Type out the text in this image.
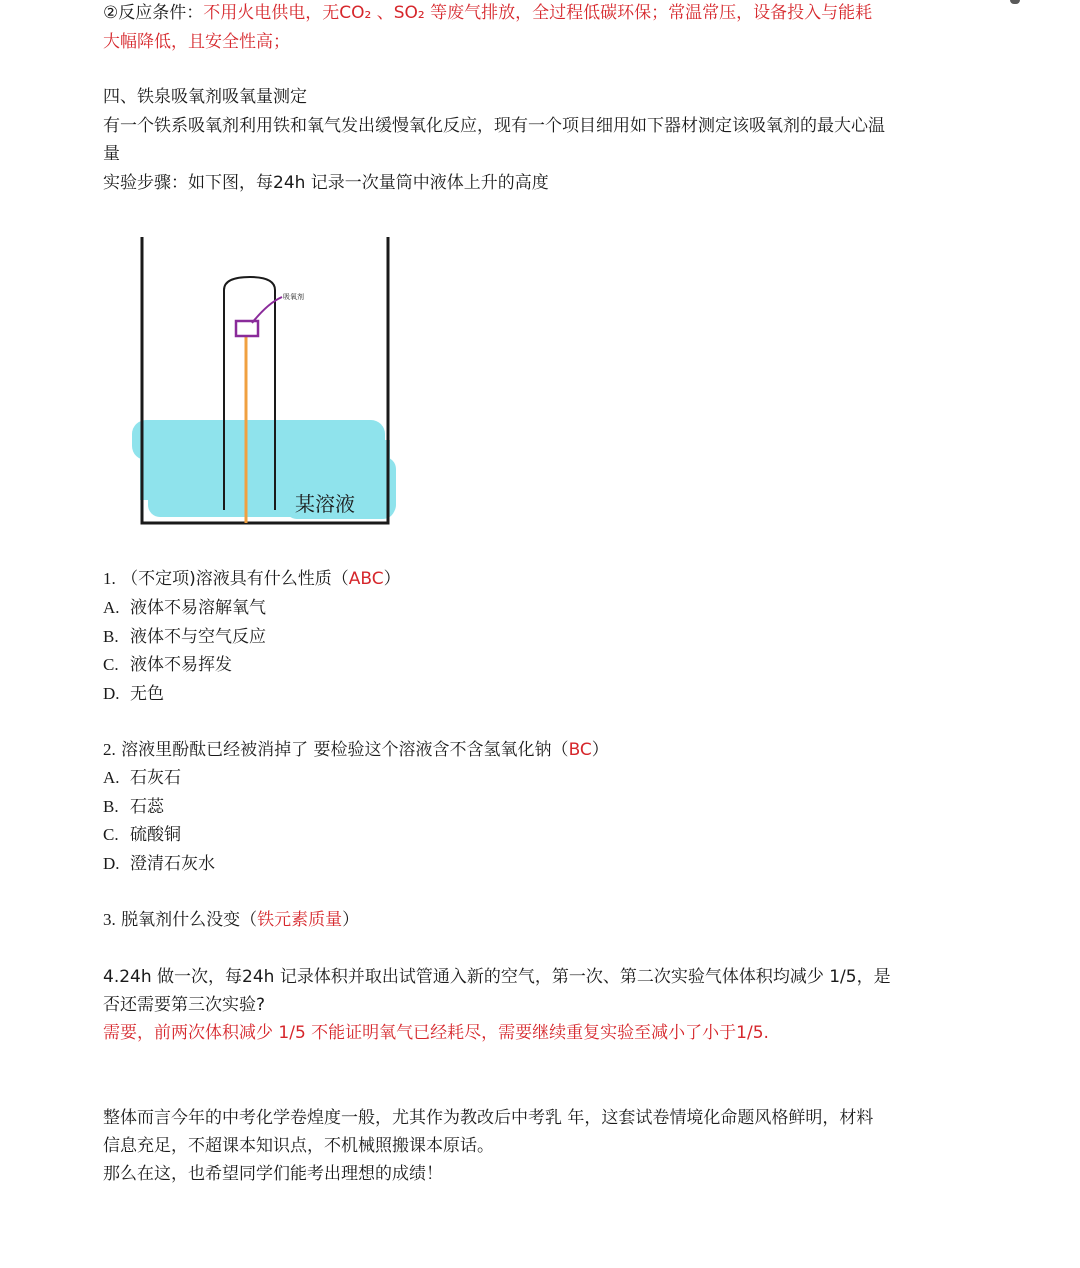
②反应条件：不用火电供电，无CO₂ 、SO₂ 等废气排放，全过程低碳环保；常温常压，设备投入与能耗
大幅降低，且安全性高；
四、铁泉吸氧剂吸氧量测定
有一个铁系吸氧剂利用铁和氧气发出缓慢氧化反应，现有一个项目细用如下器材测定该吸氧剂的最大心温
量
实验步骤：如下图，每24h 记录一次量筒中液体上升的高度
吸氧剂
某溶液
1. （不定项)溶液具有什么性质（ABC）
A. 液体不易溶解氧气
B. 液体不与空气反应
C. 液体不易挥发
D. 无色
2. 溶液里酚酞已经被消掉了 要检验这个溶液含不含氢氧化钠（BC）
A. 石灰石
B. 石蕊
C. 硫酸铜
D. 澄清石灰水
3. 脱氧剂什么没变（铁元素质量）
4.24h 做一次，每24h 记录体积并取出试管通入新的空气，第一次、第二次实验气体体积均减少 1/5，是
否还需要第三次实验?
需要，前两次体积减少 1/5 不能证明氧气已经耗尽，需要继续重复实验至减小了小于1/5.
整体而言今年的中考化学卷煌度一般，尤其作为教改后中考乳 年，这套试卷情境化命题风格鲜明，材料
信息充足，不超课本知识点，不机械照搬课本原话。
那么在这，也希望同学们能考出理想的成绩！
